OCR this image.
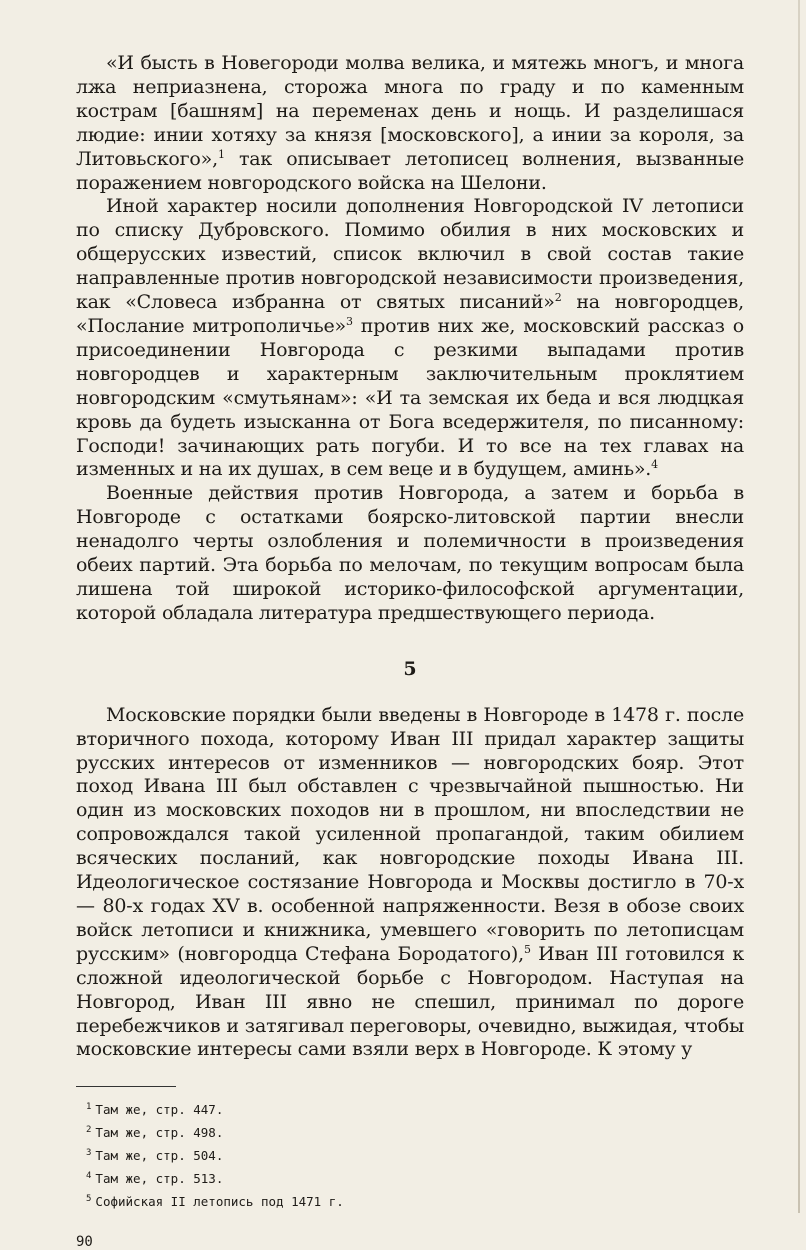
«И бысть в Новегороди молва велика, и мятежь многъ, и многа лжа неприазнена, сторожа многа по граду и по каменным кострам [башням] на переменах день и нощь. И разделишася людие: инии хотяху за князя [московского], а инии за короля, за Литовьского»,$^1$ так описывает летописец волнения, вызванные поражением новгородского войска на Шелони.

Иной характер носили дополнения Новгородской IV летописи по списку Дубровского. Помимо обилия в них московских и общерусских известий, список включил в свой состав такие направленные против новгородской независимости произведения, как «Словеса избранна от святых писаний»$^2$ на новгородцев, «Послание митрополичье»$^3$ против них же, московский рассказ о присоединении Новгорода с резкими выпадами против новгородцев и характерным заключительным проклятием новгородским «смутьянам»: «И та земская их беда и вся людцкая кровь да будеть изысканна от Бога вседержителя, по писанному: Господи! зачинающих рать погуби. И то все на тех главах на изменных и на их душах, в сем веце и в будущем, аминь».$^4$

Военные действия против Новгорода, а затем и борьба в Новгороде с остатками боярско-литовской партии внесли ненадолго черты озлобления и полемичности в произведения обеих партий. Эта борьба по мелочам, по текущим вопросам была лишена той широкой историко-философской аргументации, которой обладала литература предшествующего периода.

5

Московские порядки были введены в Новгороде в 1478 г. после вторичного похода, которому Иван III придал характер защиты русских интересов от изменников — новгородских бояр. Этот поход Ивана III был обставлен с чрезвычайной пышностью. Ни один из московских походов ни в прошлом, ни впоследствии не сопровождался такой усиленной пропагандой, таким обилием всяческих посланий, как новгородские походы Ивана III. Идеологическое состязание Новгорода и Москвы достигло в 70-х — 80-х годах XV в. особенной напряженности. Везя в обозе своих войск летописи и книжника, умевшего «говорить по летописцам русским» (новгородца Стефана Бородатого),$^5$ Иван III готовился к сложной идеологической борьбе с Новгородом. Наступая на Новгород, Иван III явно не спешил, принимал по дороге перебежчиков и затягивал переговоры, очевидно, выжидая, чтобы московские интересы сами взяли верх в Новгороде. К этому у

$^1$ Там же, стр. 447.
$^2$ Там же, стр. 498.
$^3$ Там же, стр. 504.
$^4$ Там же, стр. 513.
$^5$ Софийская II летопись под 1471 г.
90
